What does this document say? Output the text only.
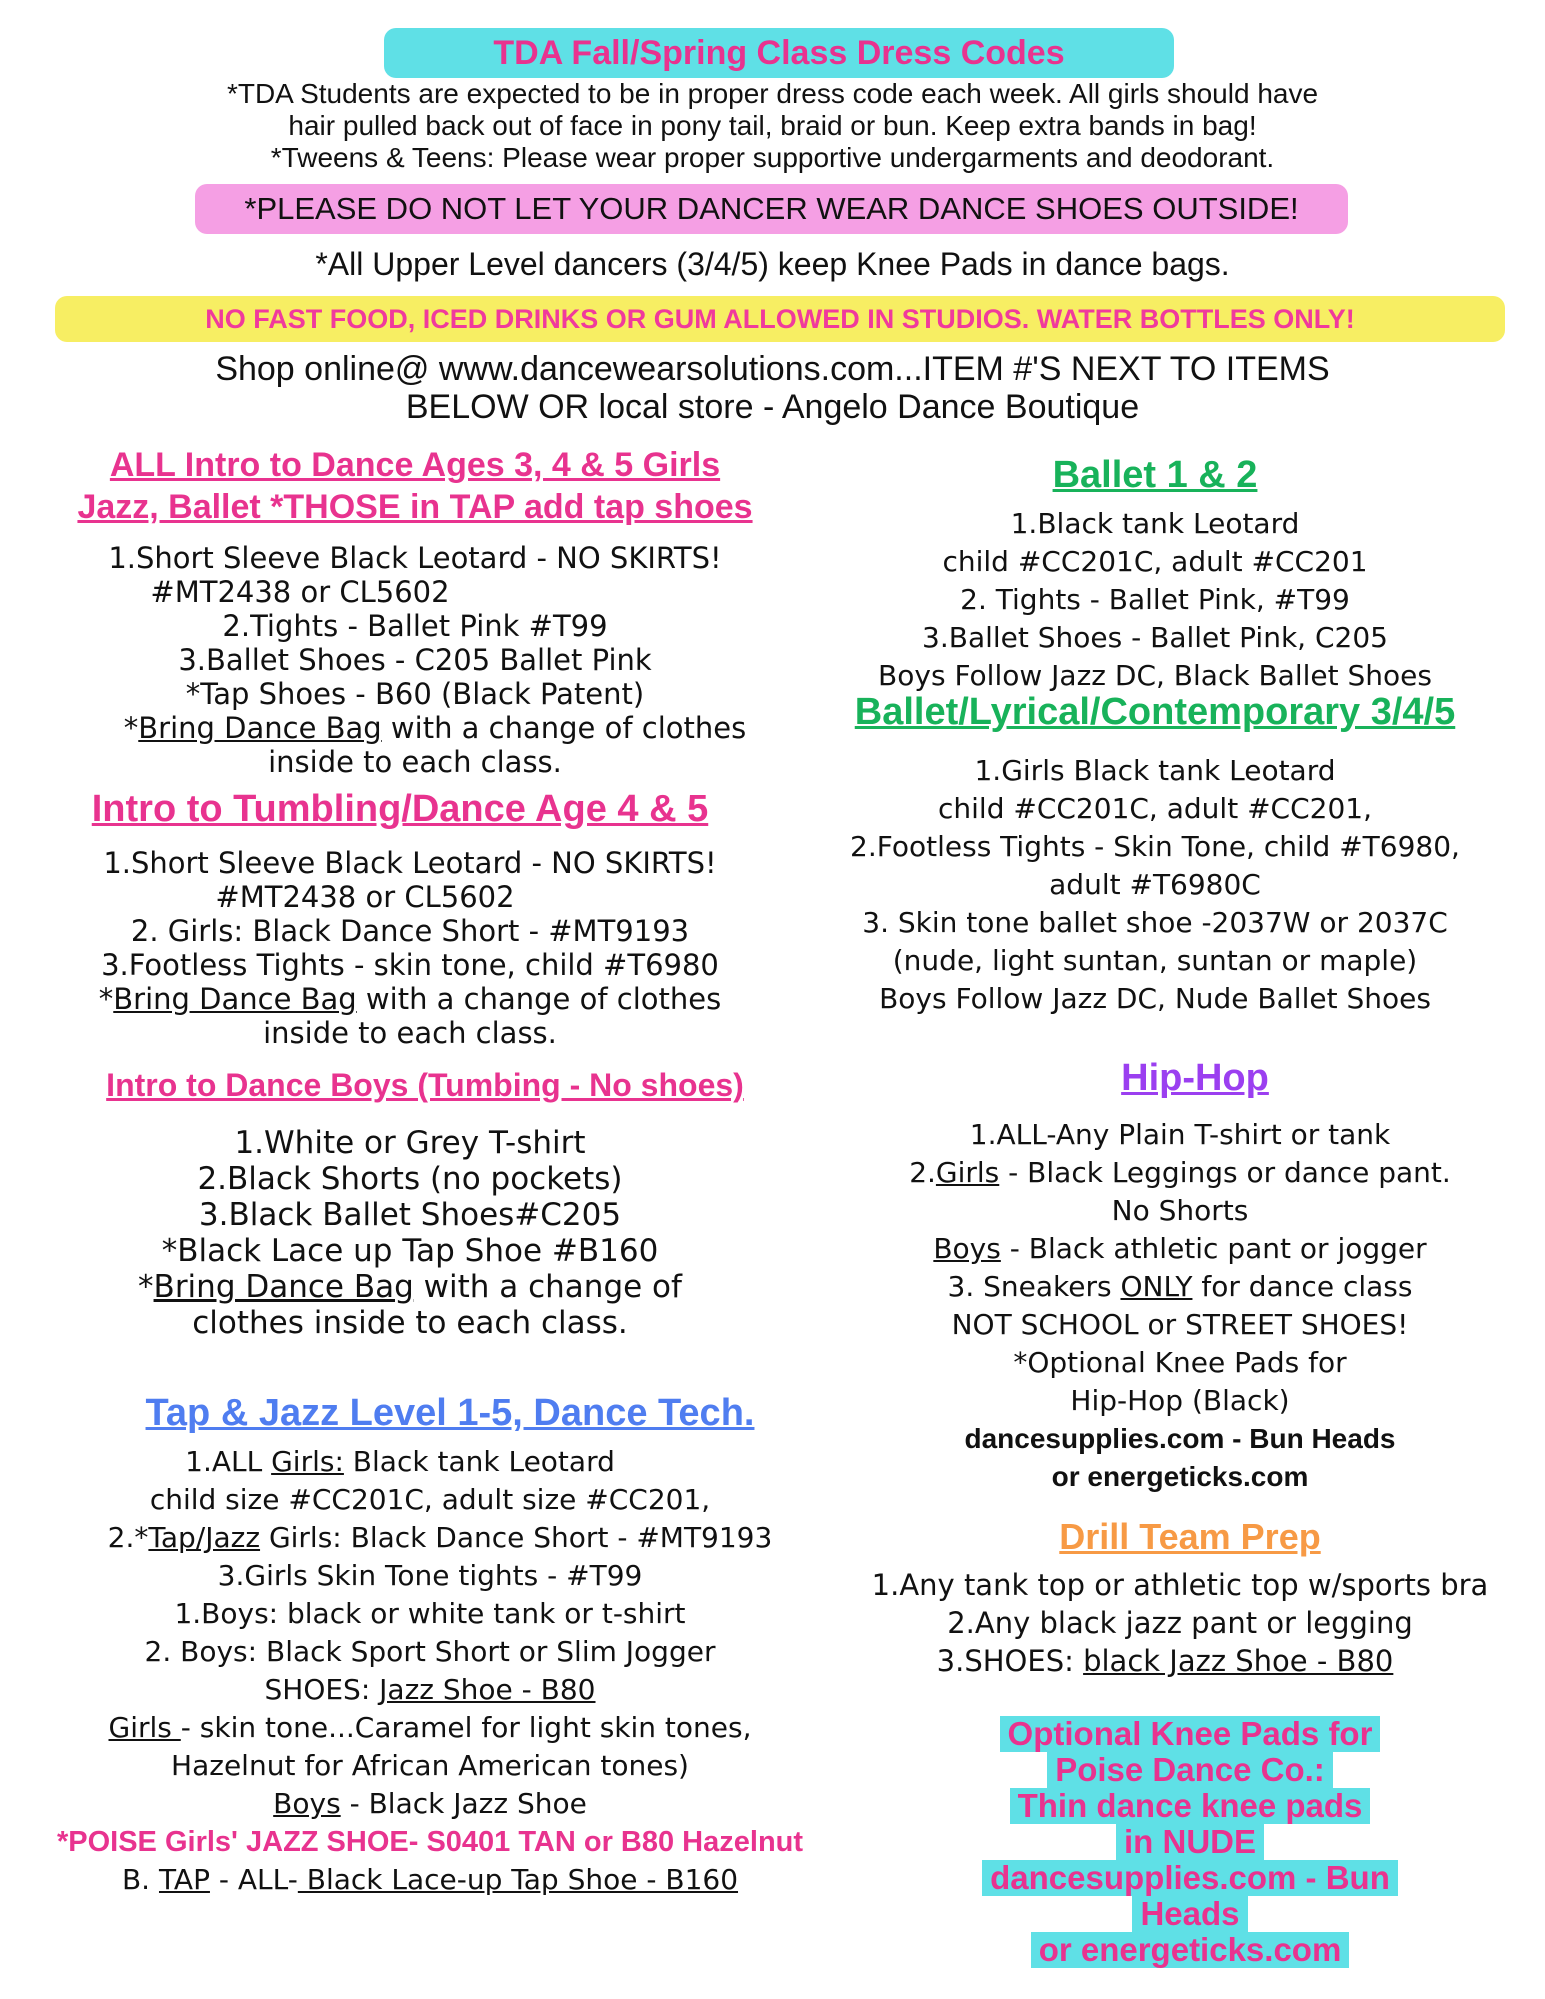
TDA Fall/Spring Class Dress Codes
*TDA Students are expected to be in proper dress code each week. All girls should have
hair pulled back out of face in pony tail, braid or bun. Keep extra bands in bag!
*Tweens & Teens: Please wear proper supportive undergarments and deodorant.
*PLEASE DO NOT LET YOUR DANCER WEAR DANCE SHOES OUTSIDE!
*All Upper Level dancers (3/4/5) keep Knee Pads in dance bags.
NO FAST FOOD, ICED DRINKS OR GUM ALLOWED IN STUDIOS. WATER BOTTLES ONLY!
Shop online@ www.dancewearsolutions.com...ITEM #'S NEXT TO ITEMS
BELOW OR local store - Angelo Dance Boutique
ALL Intro to Dance Ages 3, 4 & 5 Girls
Jazz, Ballet *THOSE in TAP add tap shoes
1.Short Sleeve Black Leotard - NO SKIRTS!
#MT2438 or CL5602
2.Tights - Ballet Pink #T99
3.Ballet Shoes - C205 Ballet Pink
*Tap Shoes - B60 (Black Patent)
*Bring Dance Bag with a change of clothes
inside to each class.
Intro to Tumbling/Dance Age 4 & 5
1.Short Sleeve Black Leotard - NO SKIRTS!
#MT2438 or CL5602
2. Girls: Black Dance Short - #MT9193
3.Footless Tights - skin tone, child #T6980
*Bring Dance Bag with a change of clothes
inside to each class.
Intro to Dance Boys (Tumbing - No shoes)
1.White or Grey T-shirt
2.Black Shorts (no pockets)
3.Black Ballet Shoes#C205
*Black Lace up Tap Shoe #B160
*Bring Dance Bag with a change of
clothes inside to each class.
Tap & Jazz Level 1-5, Dance Tech.
1.ALL Girls: Black tank Leotard
child size #CC201C, adult size #CC201,
2.*Tap/Jazz Girls: Black Dance Short - #MT9193
3.Girls Skin Tone tights - #T99
1.Boys: black or white tank or t-shirt
2. Boys: Black Sport Short or Slim Jogger
SHOES: Jazz Shoe - B80
Girls - skin tone...Caramel for light skin tones,
Hazelnut for African American tones)
Boys - Black Jazz Shoe
*POISE Girls' JAZZ SHOE- S0401 TAN or B80 Hazelnut
B. TAP - ALL- Black Lace-up Tap Shoe - B160
Ballet 1 & 2
1.Black tank Leotard
child #CC201C, adult #CC201
2. Tights - Ballet Pink, #T99
3.Ballet Shoes - Ballet Pink, C205
Boys Follow Jazz DC, Black Ballet Shoes
Ballet/Lyrical/Contemporary 3/4/5
1.Girls Black tank Leotard
child #CC201C, adult #CC201,
2.Footless Tights - Skin Tone, child #T6980,
adult #T6980C
3. Skin tone ballet shoe -2037W or 2037C
(nude, light suntan, suntan or maple)
Boys Follow Jazz DC, Nude Ballet Shoes
Hip-Hop
1.ALL-Any Plain T-shirt or tank
2.Girls - Black Leggings or dance pant.
No Shorts
Boys - Black athletic pant or jogger
3. Sneakers ONLY for dance class
NOT SCHOOL or STREET SHOES!
*Optional Knee Pads for
Hip-Hop (Black)
dancesupplies.com - Bun Heads
or energeticks.com
Drill Team Prep
1.Any tank top or athletic top w/sports bra
2.Any black jazz pant or legging
3.SHOES: black Jazz Shoe - B80
Optional Knee Pads for
Poise Dance Co.:
Thin dance knee pads
in NUDE
dancesupplies.com - Bun
Heads
or energeticks.com
